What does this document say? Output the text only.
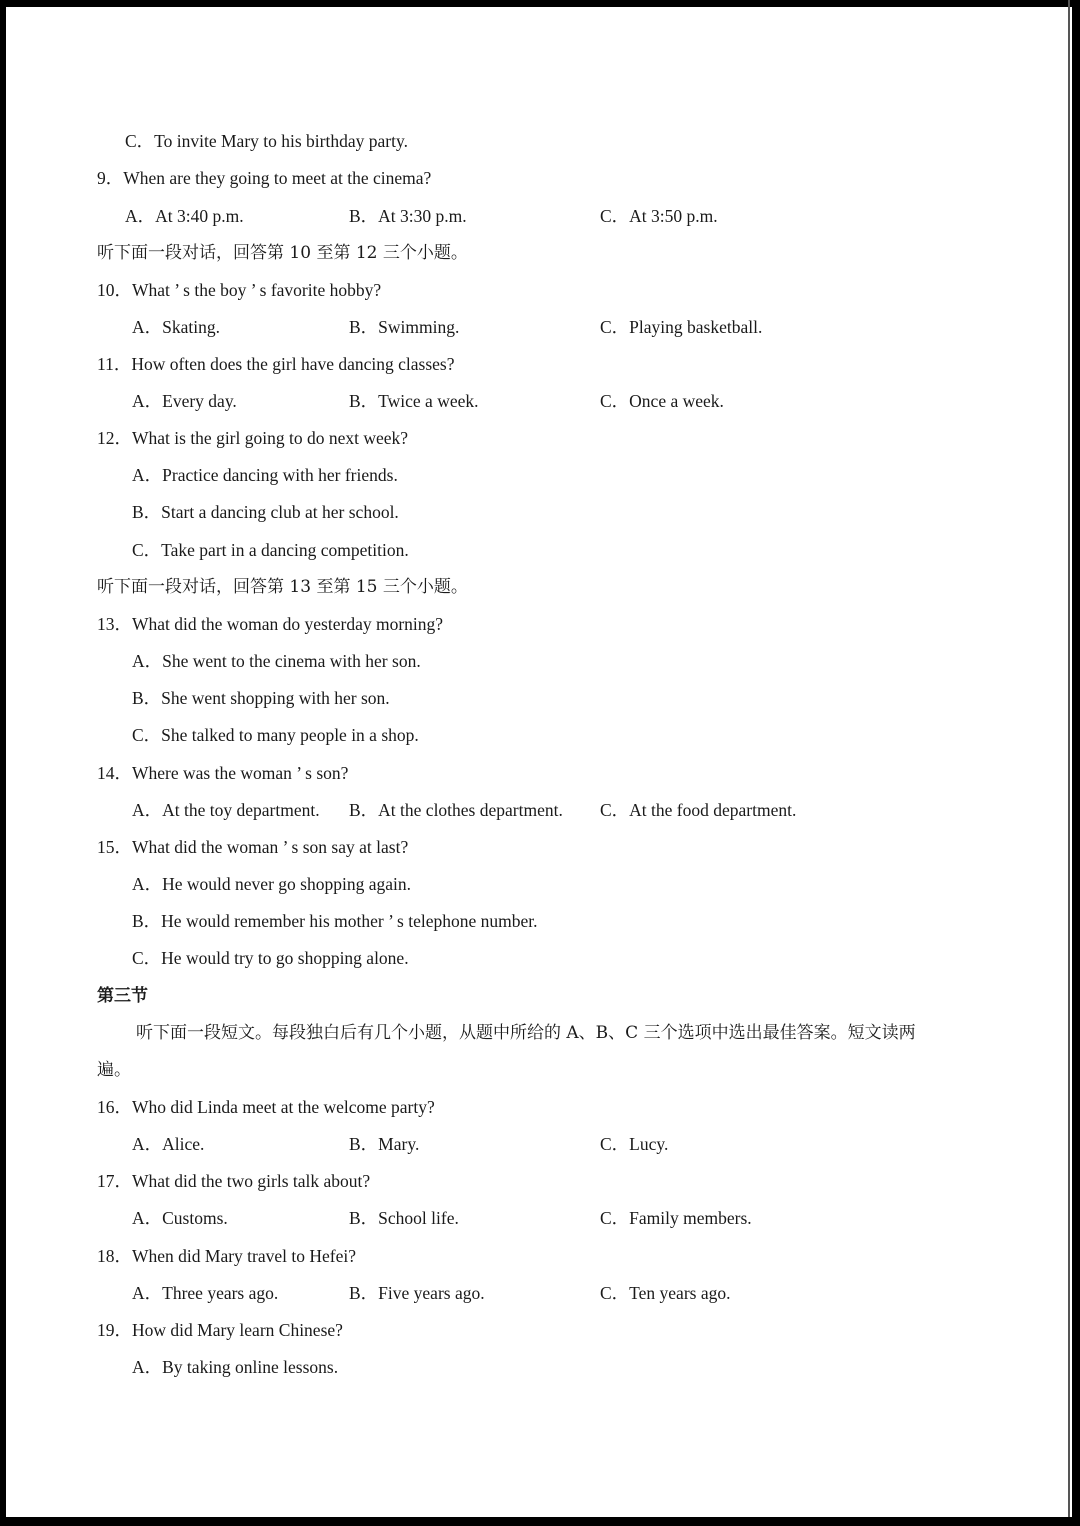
C．To invite Mary to his birthday party.
9．When are they going to meet at the cinema?
A．At 3:40 p.m.	B．At 3:30 p.m.	C．At 3:50 p.m.
听下面一段对话，回答第 10 至第 12 三个小题。
10．What ’ s the boy ’ s favorite hobby?
A．Skating.	B．Swimming.	C．Playing basketball.
11．How often does the girl have dancing classes?
A．Every day.	B．Twice a week.	C．Once a week.
12．What is the girl going to do next week?
A．Practice dancing with her friends.
B．Start a dancing club at her school.
C．Take part in a dancing competition.
听下面一段对话，回答第 13 至第 15 三个小题。
13．What did the woman do yesterday morning?
A．She went to the cinema with her son.
B．She went shopping with her son.
C．She talked to many people in a shop.
14．Where was the woman ’ s son?
A．At the toy department. B．At the clothes department. C．At the food department.
15．What did the woman ’ s son say at last?
A．He would never go shopping again.
B．He would remember his mother ’ s telephone number.
C．He would try to go shopping alone.
第三节
听下面一段短文。每段独白后有几个小题，从题中所给的 A、B、C 三个选项中选出最佳答案。短文读两
遍。
16．Who did Linda meet at the welcome party?
A．Alice.	B．Mary.	C．Lucy.
17．What did the two girls talk about?
A．Customs.	B．School life.	C．Family members.
18．When did Mary travel to Hefei?
A．Three years ago.	B．Five years ago.	C．Ten years ago.
19．How did Mary learn Chinese?
A．By taking online lessons.
